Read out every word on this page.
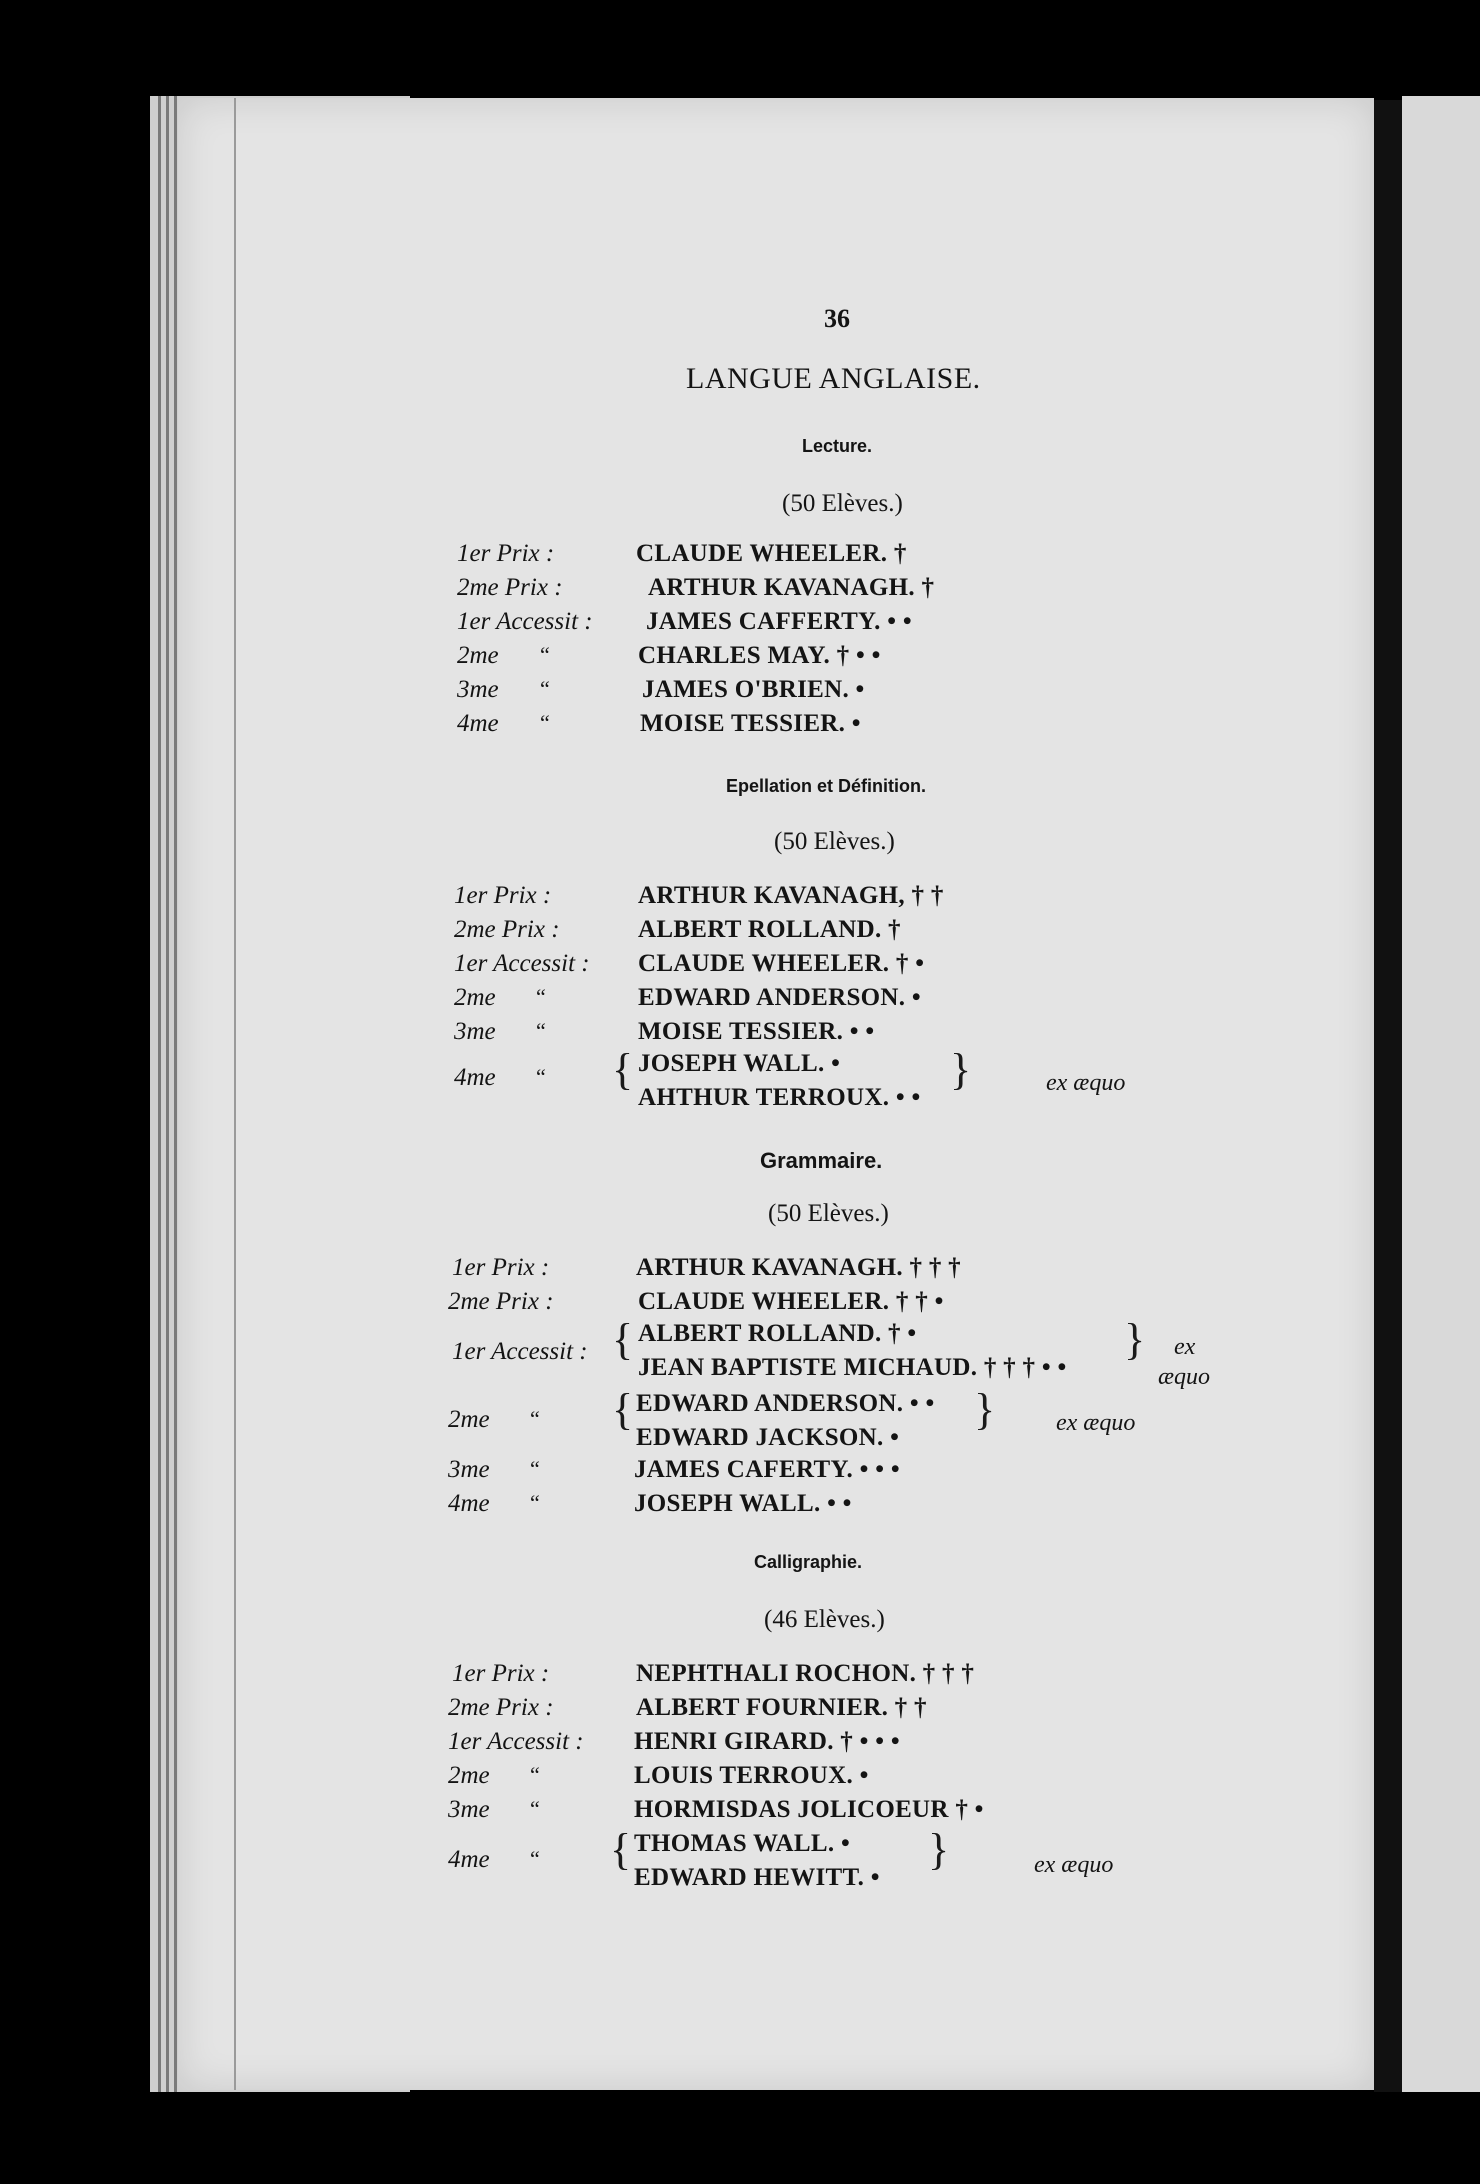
36
LANGUE ANGLAISE.
Lecture.
(50 Elèves.)
1er Prix :	CLAUDE WHEELER. †
2me Prix :	ARTHUR KAVANAGH. †
1er Accessit : JAMES CAFFERTY. • •
2me “	CHARLES MAY. † • •
3me “	JAMES O'BRIEN. •
4me “	MOISE TESSIER. •
Epellation et Définition.
(50 Elèves.)
1er Prix :	ARTHUR KAVANAGH, † †
2me Prix :	ALBERT ROLLAND. †
1er Accessit : CLAUDE WHEELER. † •
2me “	EDWARD ANDERSON. •
3me “	MOISE TESSIER. • •
4me “ { JOSEPH WALL. •
AHTHUR TERROUX. • •
}	ex æquo
Grammaire.
(50 Elèves.)
1er Prix :	ARTHUR KAVANAGH. † † †
2me Prix :	CLAUDE WHEELER. † † •
1er Accessit : { ALBERT ROLLAND. † •
JEAN BAPTISTE MICHAUD. † † † • •
} ex
æquo
2me “ { EDWARD ANDERSON. • •
EDWARD JACKSON. •
}	ex æquo
3me “	JAMES CAFERTY. • • •
4me “	JOSEPH WALL. • •
Calligraphie.
(46 Elèves.)
1er Prix :	NEPHTHALI ROCHON. † † †
2me Prix :	ALBERT FOURNIER. † †
1er Accessit : HENRI GIRARD. † • • •
2me “	LOUIS TERROUX. •
3me “	HORMISDAS JOLICOEUR † •
4me “ { THOMAS WALL. •
EDWARD HEWITT. •
}	ex æquo
